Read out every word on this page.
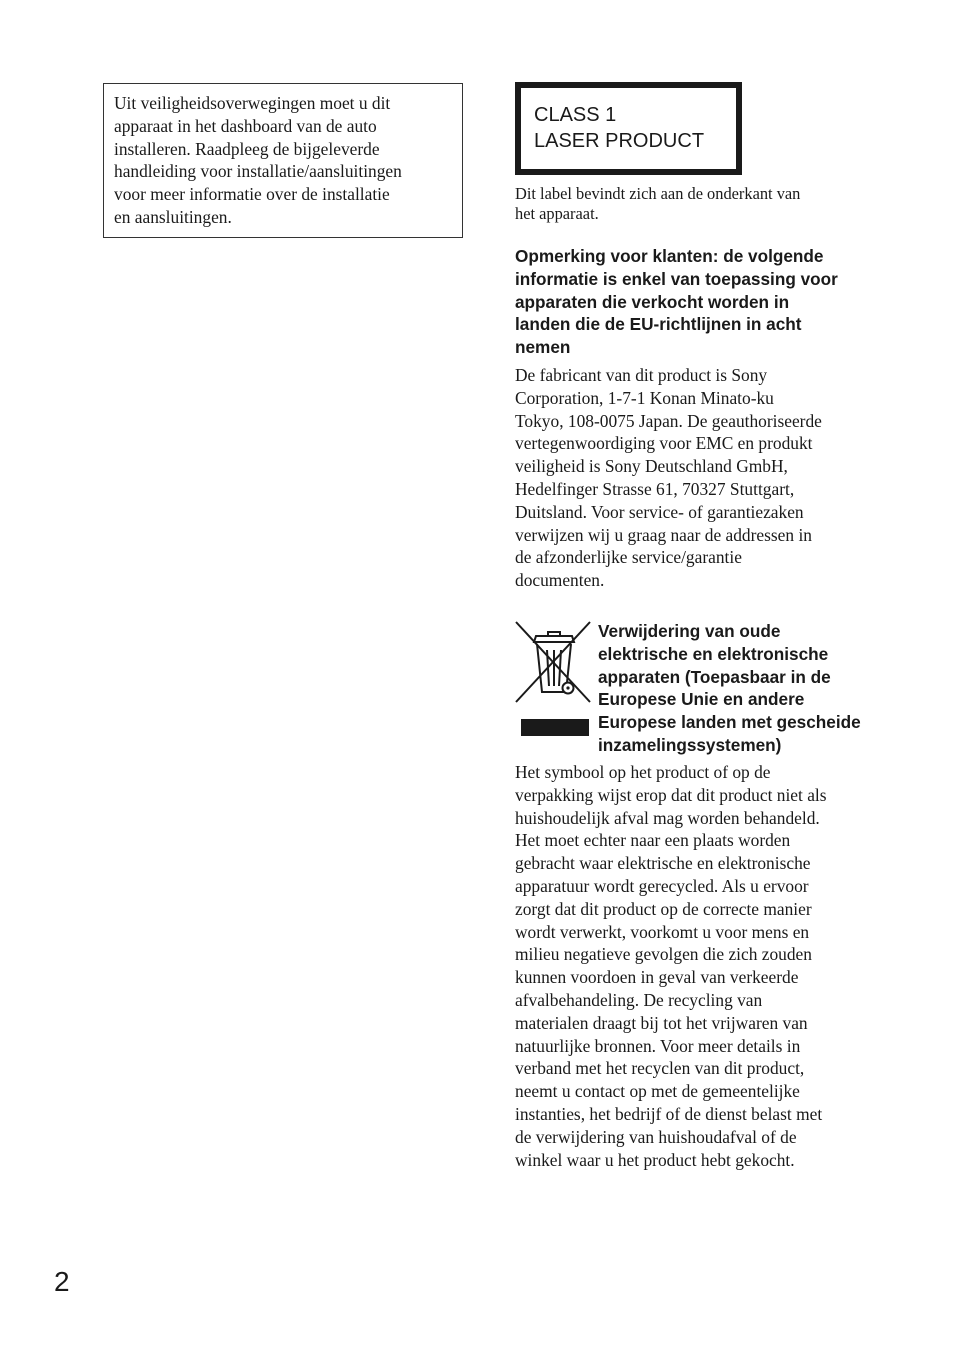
Uit veiligheidsoverwegingen moet u dit
apparaat in het dashboard van de auto
installeren. Raadpleeg de bijgeleverde
handleiding voor installatie/aansluitingen
voor meer informatie over de installatie
en aansluitingen.
CLASS 1
LASER PRODUCT
Dit label bevindt zich aan de onderkant van
het apparaat.
Opmerking voor klanten: de volgende
informatie is enkel van toepassing voor
apparaten die verkocht worden in
landen die de EU-richtlijnen in acht
nemen
De fabricant van dit product is Sony
Corporation, 1-7-1 Konan Minato-ku
Tokyo, 108-0075 Japan. De geauthoriseerde
vertegenwoordiging voor EMC en produkt
veiligheid is Sony Deutschland GmbH,
Hedelfinger Strasse 61, 70327 Stuttgart,
Duitsland. Voor service- of garantiezaken
verwijzen wij u graag naar de addressen in
de afzonderlijke service/garantie
documenten.
Verwijdering van oude
elektrische en elektronische
apparaten (Toepasbaar in de
Europese Unie en andere
Europese landen met gescheide
inzamelingssystemen)
Het symbool op het product of op de
verpakking wijst erop dat dit product niet als
huishoudelijk afval mag worden behandeld.
Het moet echter naar een plaats worden
gebracht waar elektrische en elektronische
apparatuur wordt gerecycled. Als u ervoor
zorgt dat dit product op de correcte manier
wordt verwerkt, voorkomt u voor mens en
milieu negatieve gevolgen die zich zouden
kunnen voordoen in geval van verkeerde
afvalbehandeling. De recycling van
materialen draagt bij tot het vrijwaren van
natuurlijke bronnen. Voor meer details in
verband met het recyclen van dit product,
neemt u contact op met de gemeentelijke
instanties, het bedrijf of de dienst belast met
de verwijdering van huishoudafval of de
winkel waar u het product hebt gekocht.
2
